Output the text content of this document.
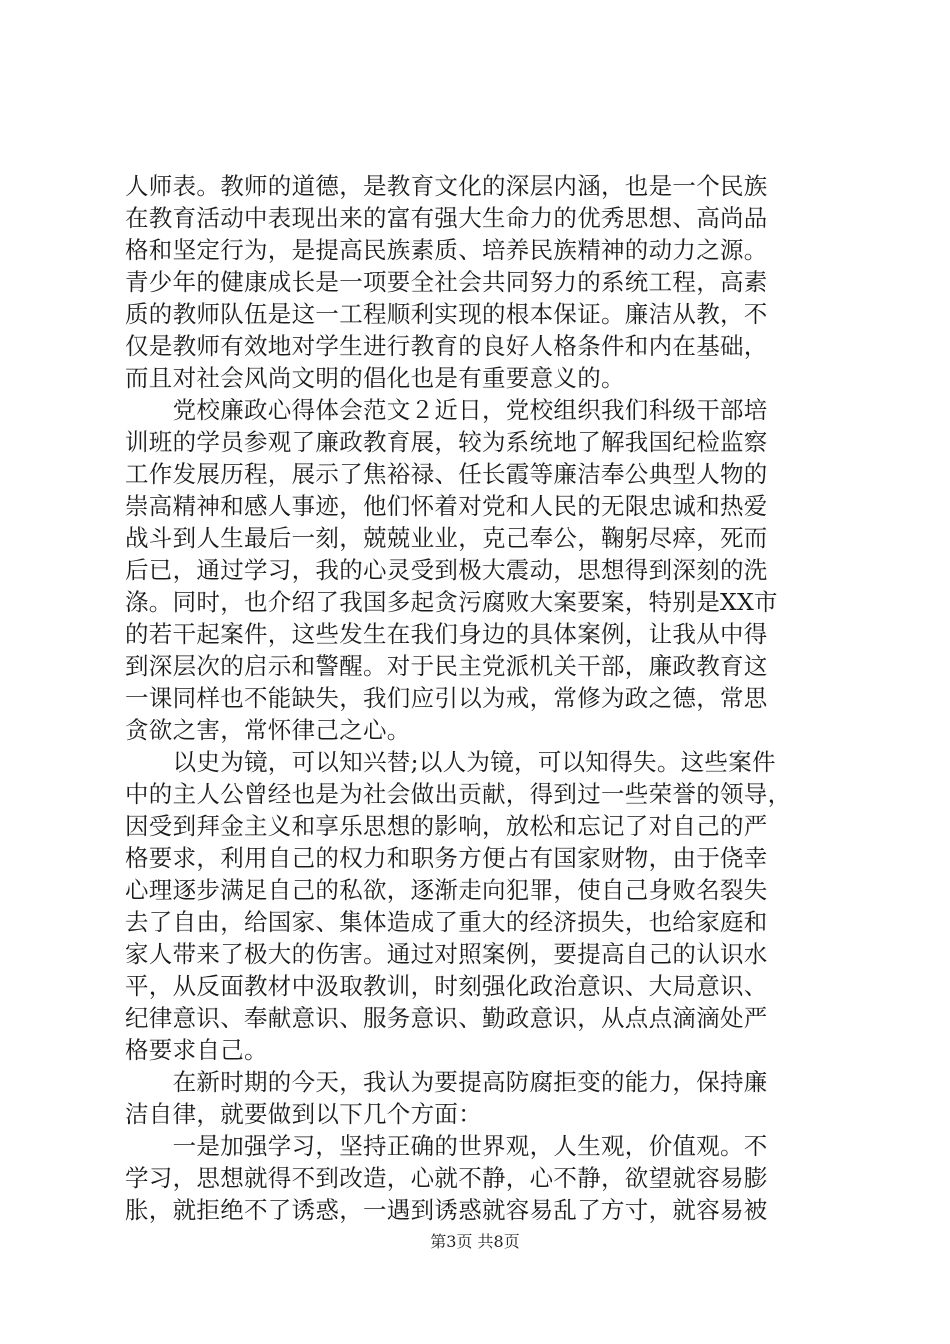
人师表。教师的道德，是教育文化的深层内涵，也是一个民族
在教育活动中表现出来的富有强大生命力的优秀思想、高尚品
格和坚定行为，是提高民族素质、培养民族精神的动力之源。
青少年的健康成长是一项要全社会共同努力的系统工程，高素
质的教师队伍是这一工程顺利实现的根本保证。廉洁从教，不
仅是教师有效地对学生进行教育的良好人格条件和内在基础，
而且对社会风尚文明的倡化也是有重要意义的。
　　党校廉政心得体会范文２近日，党校组织我们科级干部培
训班的学员参观了廉政教育展，较为系统地了解我国纪检监察
工作发展历程，展示了焦裕禄、任长霞等廉洁奉公典型人物的
崇高精神和感人事迹，他们怀着对党和人民的无限忠诚和热爱
战斗到人生最后一刻，兢兢业业，克己奉公，鞠躬尽瘁，死而
后已，通过学习，我的心灵受到极大震动，思想得到深刻的洗
涤。同时，也介绍了我国多起贪污腐败大案要案，特别是XX市
的若干起案件，这些发生在我们身边的具体案例，让我从中得
到深层次的启示和警醒。对于民主党派机关干部，廉政教育这
一课同样也不能缺失，我们应引以为戒，常修为政之德，常思
贪欲之害，常怀律己之心。
　　以史为镜，可以知兴替;以人为镜，可以知得失。这些案件
中的主人公曾经也是为社会做出贡献，得到过一些荣誉的领导，
因受到拜金主义和享乐思想的影响，放松和忘记了对自己的严
格要求，利用自己的权力和职务方便占有国家财物，由于侥幸
心理逐步满足自己的私欲，逐渐走向犯罪，使自己身败名裂失
去了自由，给国家、集体造成了重大的经济损失，也给家庭和
家人带来了极大的伤害。通过对照案例，要提高自己的认识水
平，从反面教材中汲取教训，时刻强化政治意识、大局意识、
纪律意识、奉献意识、服务意识、勤政意识，从点点滴滴处严
格要求自己。
　　在新时期的今天，我认为要提高防腐拒变的能力，保持廉
洁自律，就要做到以下几个方面：
　　一是加强学习，坚持正确的世界观，人生观，价值观。不
学习，思想就得不到改造，心就不静，心不静，欲望就容易膨
胀，就拒绝不了诱惑，一遇到诱惑就容易乱了方寸，就容易被
第3页 共8页
